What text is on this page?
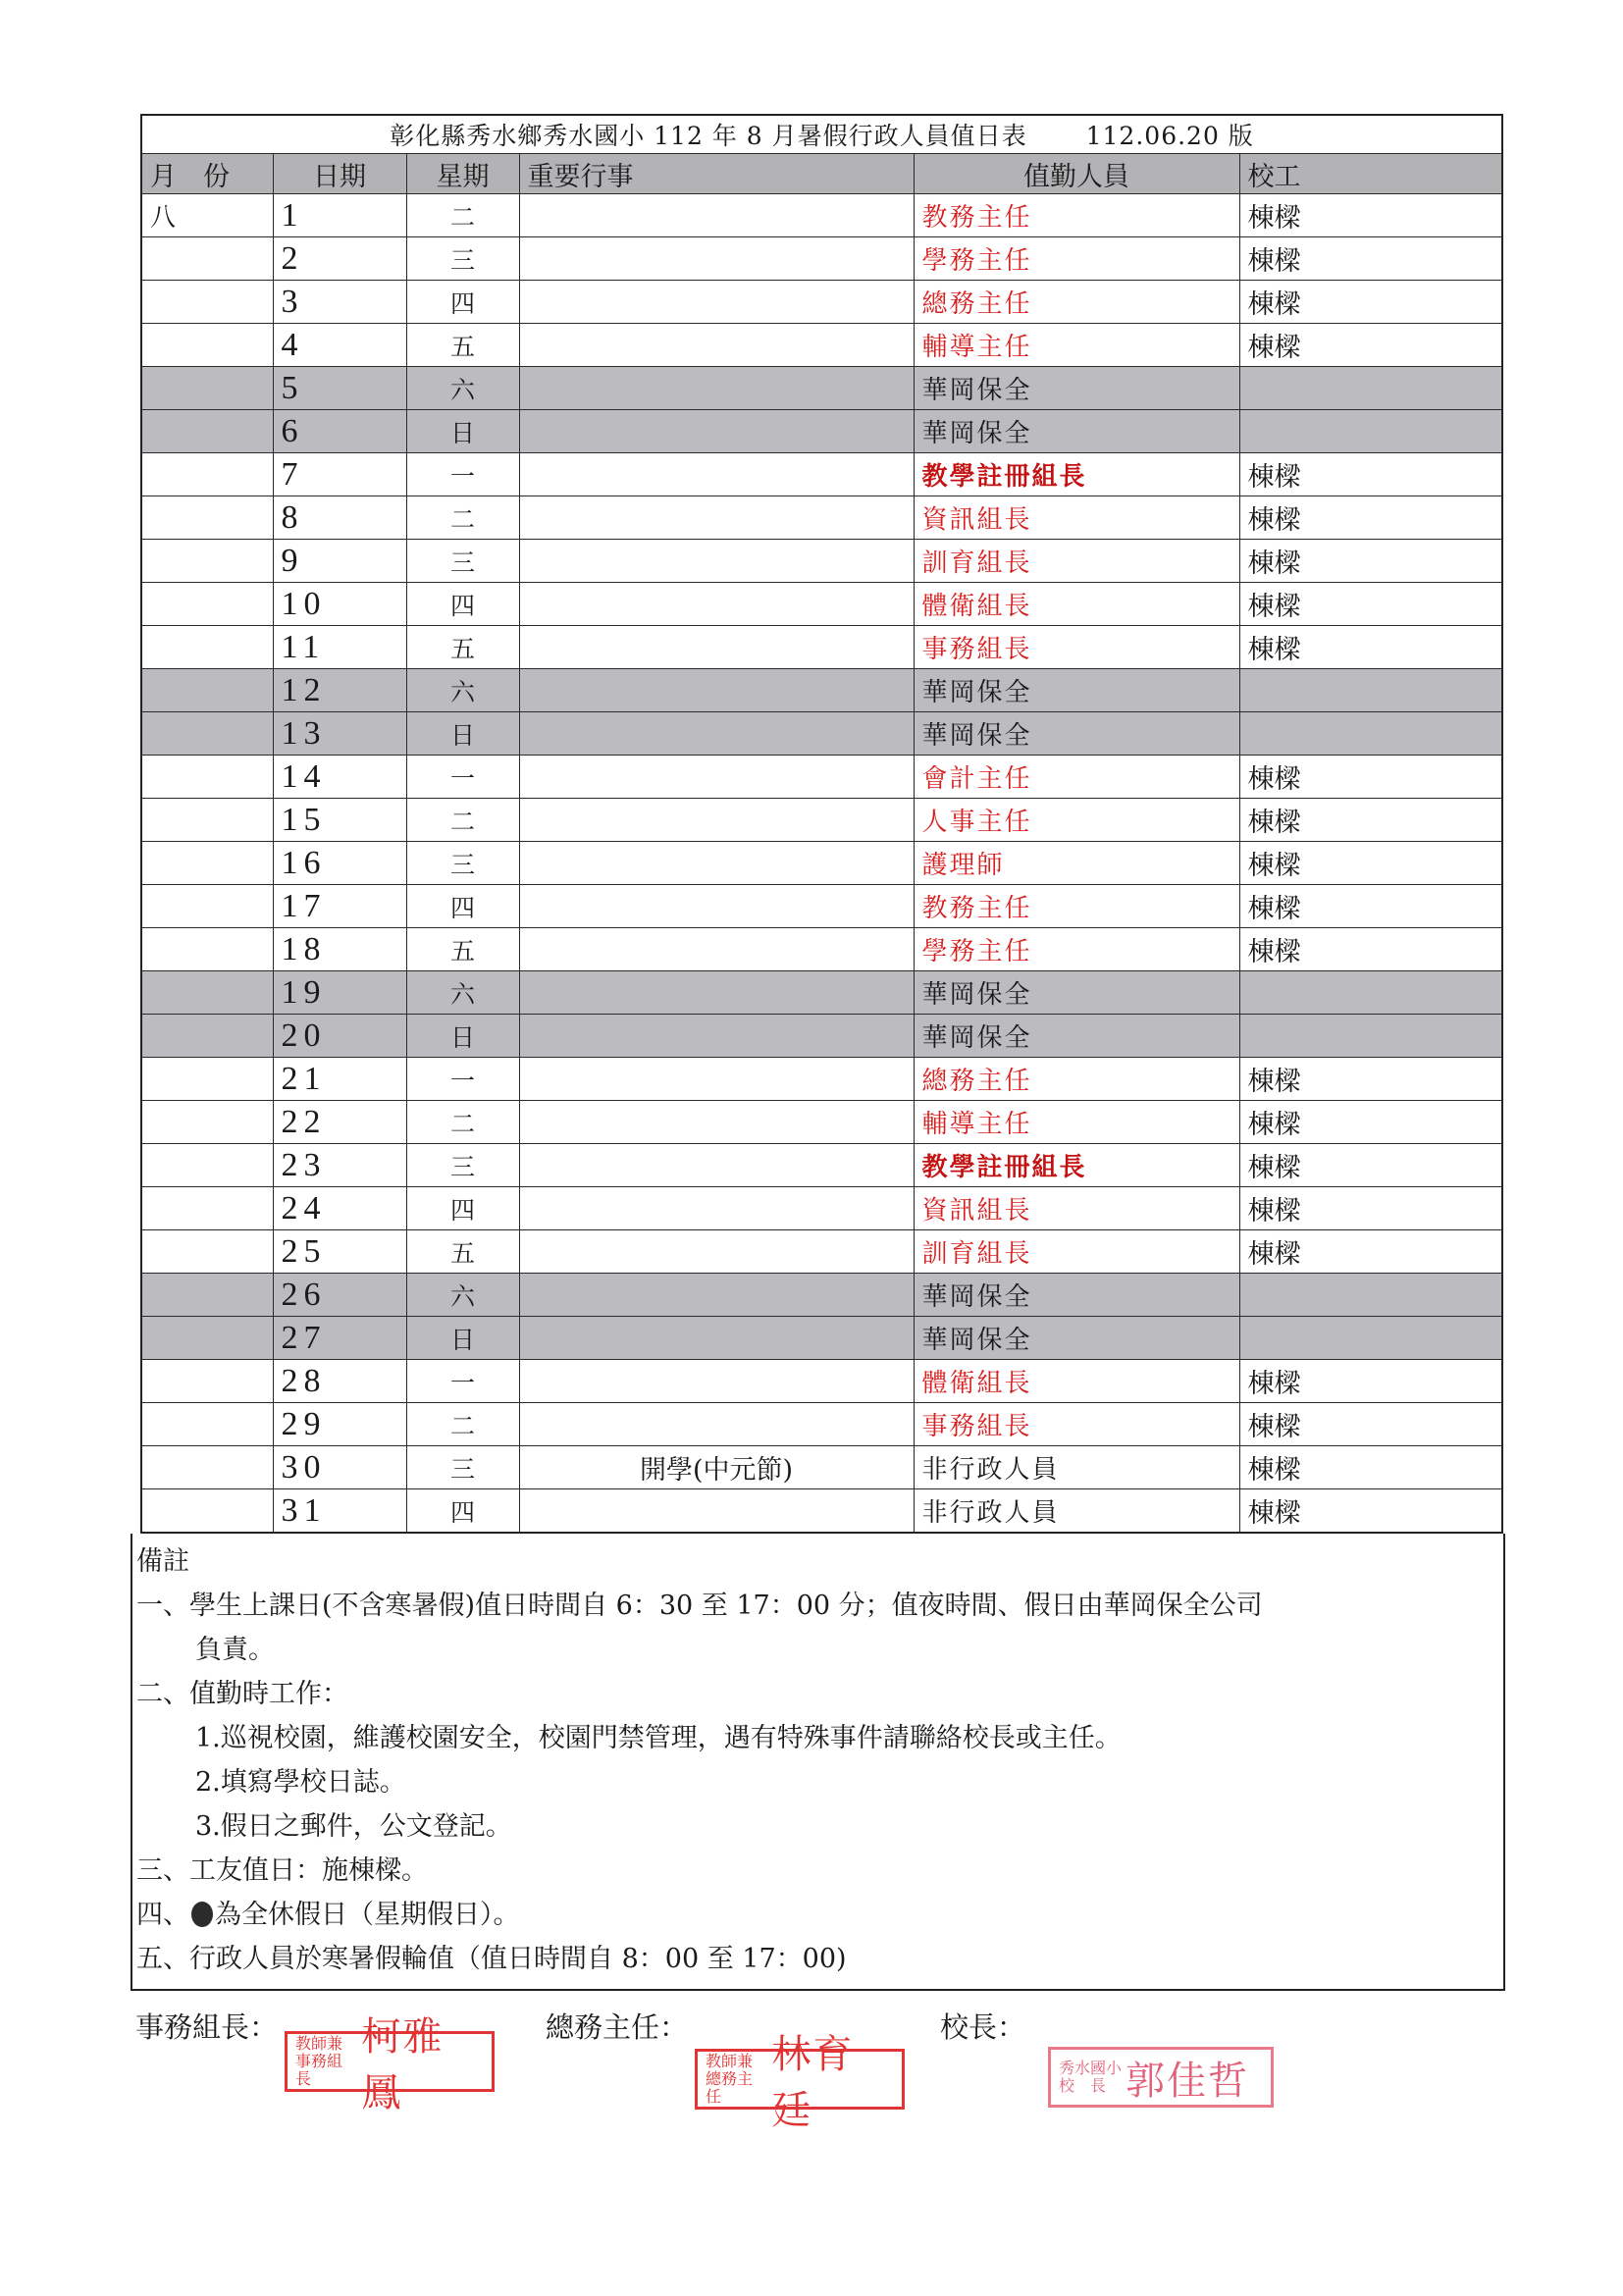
彰化縣秀水鄉秀水國小 112 年 8 月暑假行政人員值日表 112.06.20 版					
月　份	日期	星期	重要行事	值勤人員	校工
八	1	二		教務主任	棟樑
	2	三		學務主任	棟樑
	3	四		總務主任	棟樑
	4	五		輔導主任	棟樑
	5	六		華岡保全	
	6	日		華岡保全	
	7	一		教學註冊組長	棟樑
	8	二		資訊組長	棟樑
	9	三		訓育組長	棟樑
	10	四		體衛組長	棟樑
	11	五		事務組長	棟樑
	12	六		華岡保全	
	13	日		華岡保全	
	14	一		會計主任	棟樑
	15	二		人事主任	棟樑
	16	三		護理師	棟樑
	17	四		教務主任	棟樑
	18	五		學務主任	棟樑
	19	六		華岡保全	
	20	日		華岡保全	
	21	一		總務主任	棟樑
	22	二		輔導主任	棟樑
	23	三		教學註冊組長	棟樑
	24	四		資訊組長	棟樑
	25	五		訓育組長	棟樑
	26	六		華岡保全	
	27	日		華岡保全	
	28	一		體衛組長	棟樑
	29	二		事務組長	棟樑
	30	三	開學(中元節)	非行政人員	棟樑
	31	四		非行政人員	棟樑

備註

一、學生上課日(不含寒暑假)值日時間自 6：30 至 17：00 分；值夜時間、假日由華岡保全公司

負責。

二、值勤時工作：

1.巡視校園，維護校園安全，校園門禁管理，遇有特殊事件請聯絡校長或主任。

2.填寫學校日誌。

3.假日之郵件，公文登記。

三、工友值日：施棟樑。

四、 為全休假日（星期假日）。

五、行政人員於寒暑假輪值（值日時間自 8：00 至 17：00)

事務組長： 教師兼事務組長
柯雅鳳
總務主任：
教師兼總務主任
林育廷
校長：
秀水國小校　長 郭佳哲
